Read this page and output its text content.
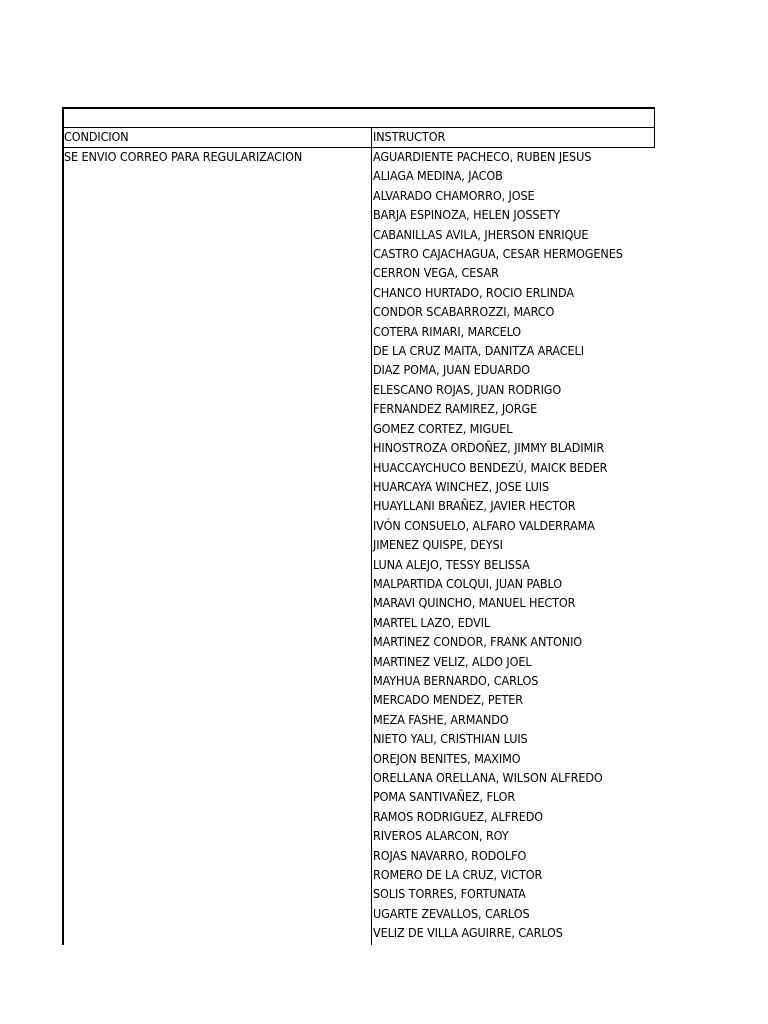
CONDICION	INSTRUCTOR
SE ENVIO CORREO PARA REGULARIZACION	AGUARDIENTE PACHECO, RUBEN JESUS
ALIAGA MEDINA, JACOB
ALVARADO CHAMORRO, JOSE
BARJA ESPINOZA, HELEN JOSSETY
CABANILLAS AVILA, JHERSON ENRIQUE
CASTRO CAJACHAGUA, CESAR HERMOGENES
CERRON VEGA, CESAR
CHANCO HURTADO, ROCIO ERLINDA
CONDOR SCABARROZZI, MARCO
COTERA RIMARI, MARCELO
DE LA CRUZ MAITA, DANITZA ARACELI
DIAZ POMA, JUAN EDUARDO
ELESCANO ROJAS, JUAN RODRIGO
FERNANDEZ RAMIREZ, JORGE
GOMEZ CORTEZ, MIGUEL
HINOSTROZA ORDOÑEZ, JIMMY BLADIMIR
HUACCAYCHUCO BENDEZÚ, MAICK BEDER
HUARCAYA WINCHEZ, JOSE LUIS
HUAYLLANI BRAÑEZ, JAVIER HECTOR
IVÓN CONSUELO, ALFARO VALDERRAMA
JIMENEZ QUISPE, DEYSI
LUNA ALEJO, TESSY BELISSA
MALPARTIDA COLQUI, JUAN PABLO
MARAVI QUINCHO, MANUEL HECTOR
MARTEL LAZO, EDVIL
MARTINEZ CONDOR, FRANK ANTONIO
MARTINEZ VELIZ, ALDO JOEL
MAYHUA BERNARDO, CARLOS
MERCADO MENDEZ, PETER
MEZA FASHE, ARMANDO
NIETO YALI, CRISTHIAN LUIS
OREJON BENITES, MAXIMO
ORELLANA ORELLANA, WILSON ALFREDO
POMA SANTIVAÑEZ, FLOR
RAMOS RODRIGUEZ, ALFREDO
RIVEROS ALARCON, ROY
ROJAS NAVARRO, RODOLFO
ROMERO DE LA CRUZ, VICTOR
SOLIS TORRES, FORTUNATA
UGARTE ZEVALLOS, CARLOS
VELIZ DE VILLA AGUIRRE, CARLOS
